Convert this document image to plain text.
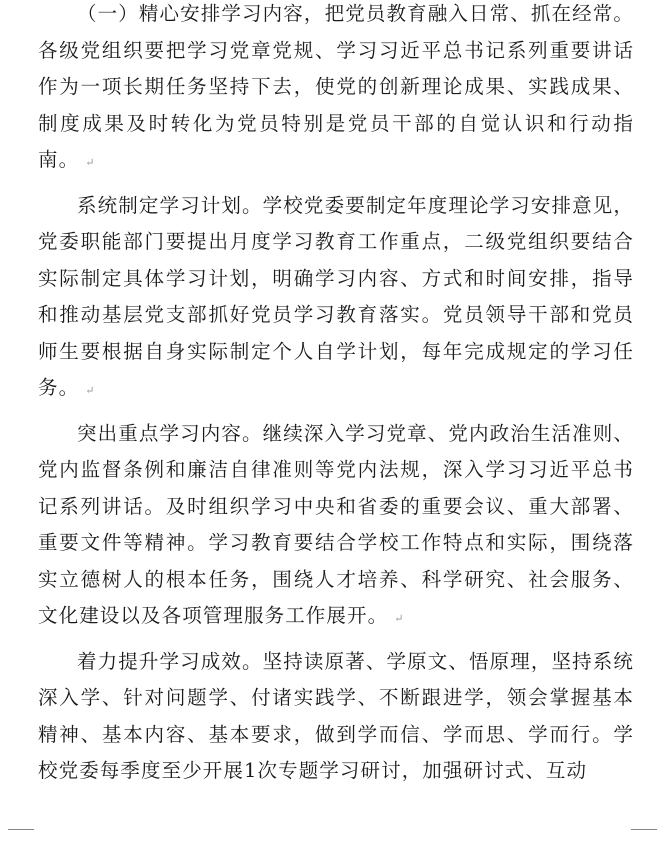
（一）精心安排学习内容，把党员教育融入日常、抓在经常。各级党组织要把学习党章党规、学习习近平总书记系列重要讲话作为一项长期任务坚持下去，使党的创新理论成果、实践成果、制度成果及时转化为党员特别是党员干部的自觉认识和行动指南。 ↵

系统制定学习计划。学校党委要制定年度理论学习安排意见，党委职能部门要提出月度学习教育工作重点，二级党组织要结合实际制定具体学习计划，明确学习内容、方式和时间安排，指导和推动基层党支部抓好党员学习教育落实。党员领导干部和党员师生要根据自身实际制定个人自学计划，每年完成规定的学习任务。 ↵

突出重点学习内容。继续深入学习党章、党内政治生活准则、党内监督条例和廉洁自律准则等党内法规，深入学习习近平总书记系列讲话。及时组织学习中央和省委的重要会议、重大部署、重要文件等精神。学习教育要结合学校工作特点和实际，围绕落实立德树人的根本任务，围绕人才培养、科学研究、社会服务、文化建设以及各项管理服务工作展开。 ↵

着力提升学习成效。坚持读原著、学原文、悟原理，坚持系统深入学、针对问题学、付诸实践学、不断跟进学，领会掌握基本精神、基本内容、基本要求，做到学而信、学而思、学而行。学校党委每季度至少开展1次专题学习研讨，加强研讨式、互动
